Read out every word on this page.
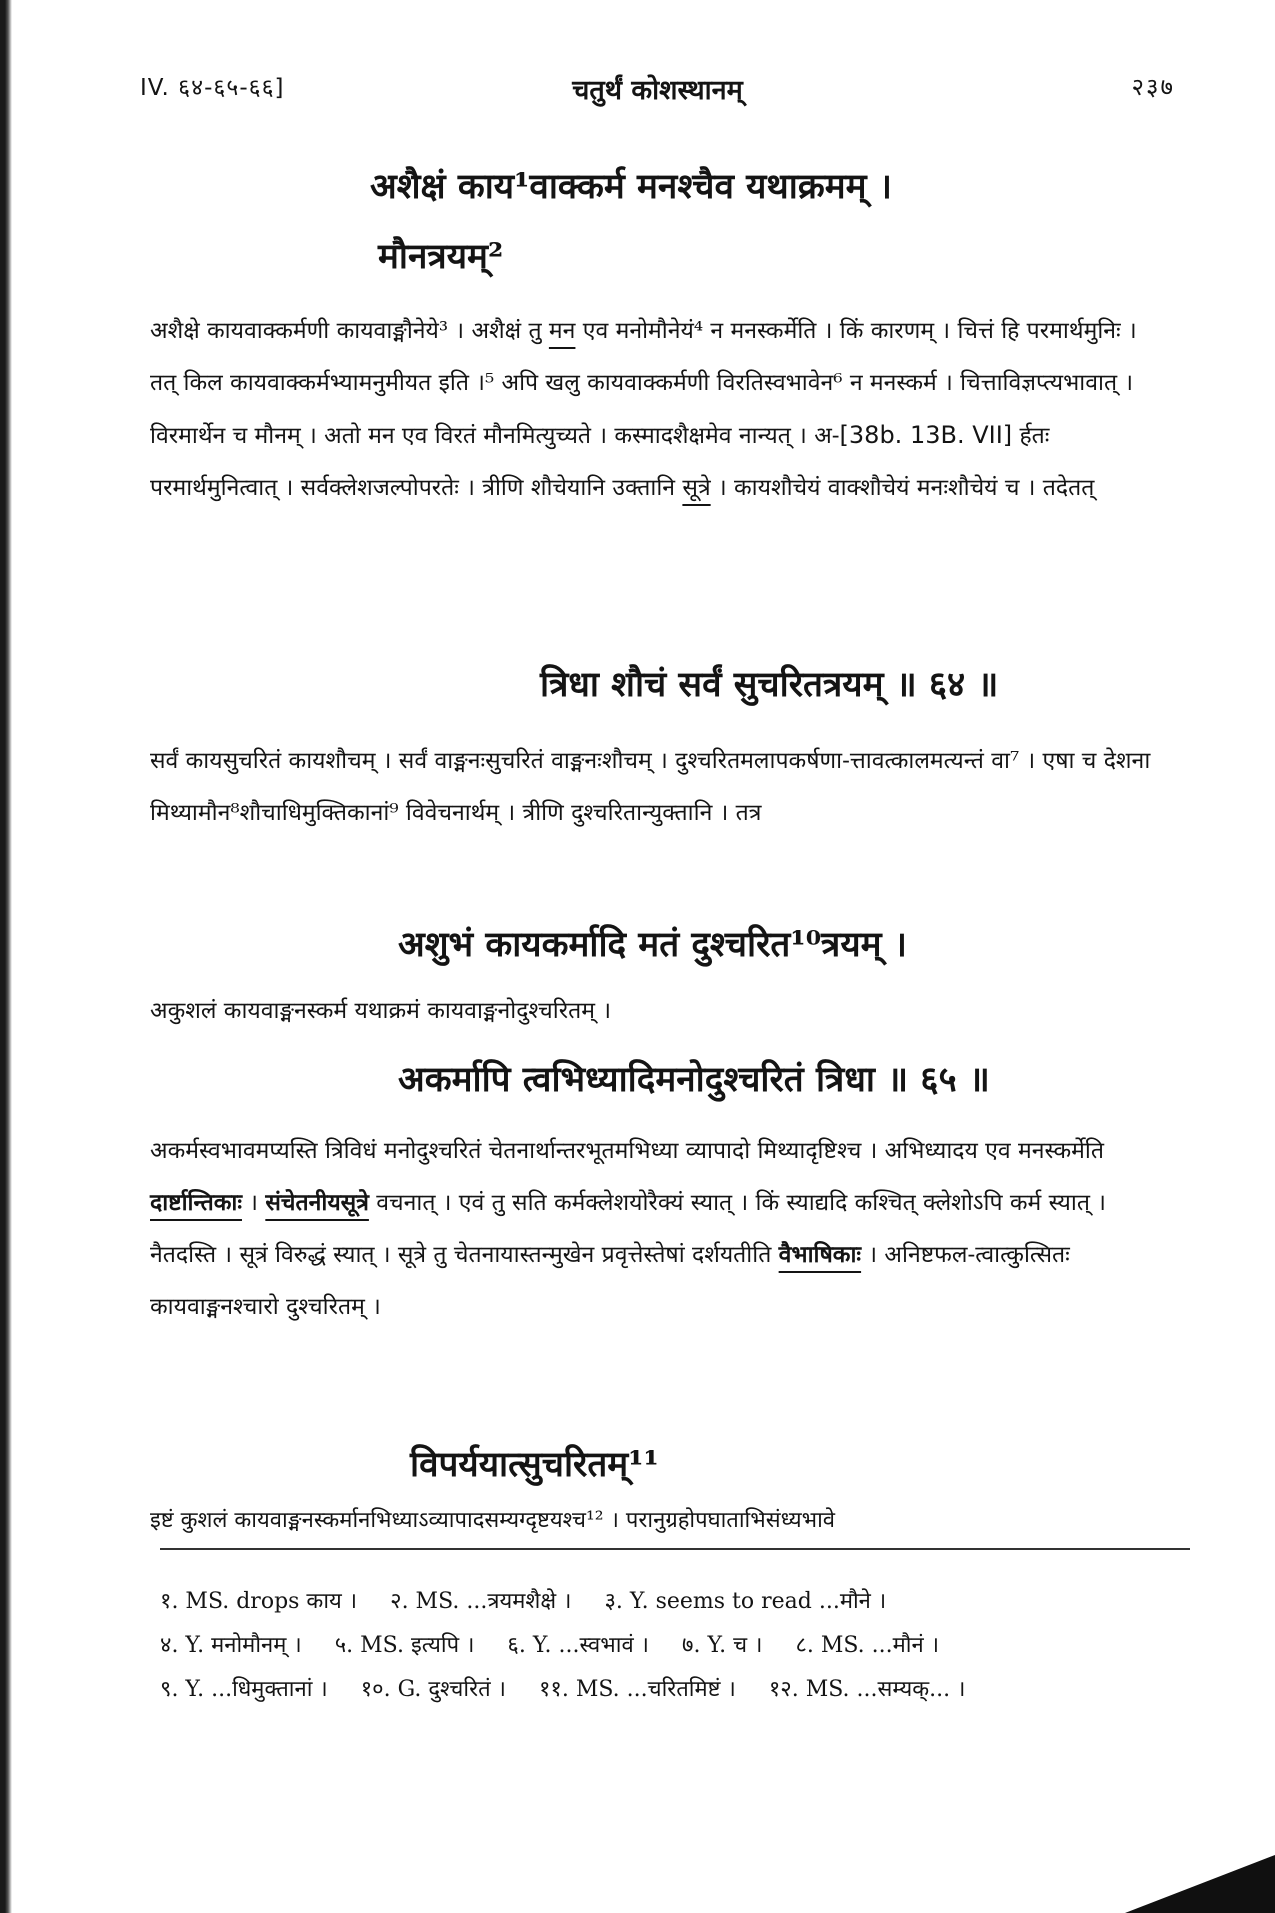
IV. ६४-६५-६६]	चतुर्थं कोशस्थानम्	२३७
अशैक्षं काय¹वाक्कर्म मनश्चैव यथाक्रमम् ।
मौनत्रयम्²
अशैक्षे कायवाक्कर्मणी कायवाङ्मौनेये³ । अशैक्षं तु मन एव मनोमौनेयं⁴ न मनस्कर्मेति । किं कारणम् । चित्तं हि परमार्थमुनिः । तत् किल कायवाक्कर्मभ्यामनुमीयत इति ।⁵ अपि खलु कायवाक्कर्मणी विरतिस्वभावेन⁶ न मनस्कर्म । चित्ताविज्ञप्त्यभावात् । विरमार्थेन च मौनम् । अतो मन एव विरतं मौनमित्युच्यते । कस्मादशैक्षमेव नान्यत् । अ-[38b. 13B. VII] र्हतः परमार्थमुनित्वात् । सर्वक्लेशजल्पोपरतेः । त्रीणि शौचेयानि उक्तानि सूत्रे । कायशौचेयं वाक्शौचेयं मनःशौचेयं च । तदेतत्
त्रिधा शौचं सर्वं सुचरितत्रयम् ॥ ६४ ॥
सर्वं कायसुचरितं कायशौचम् । सर्वं वाङ्मनःसुचरितं वाङ्मनःशौचम् । दुश्चरितमलापकर्षणा-त्तावत्कालमत्यन्तं वा⁷ । एषा च देशना मिथ्यामौन⁸शौचाधिमुक्तिकानां⁹ विवेचनार्थम् । त्रीणि दुश्चरितान्युक्तानि । तत्र
अशुभं कायकर्मादि मतं दुश्चरित¹⁰त्रयम् ।
अकुशलं कायवाङ्मनस्कर्म यथाक्रमं कायवाङ्मनोदुश्चरितम् ।
अकर्मापि त्वभिध्यादिमनोदुश्चरितं त्रिधा ॥ ६५ ॥
अकर्मस्वभावमप्यस्ति त्रिविधं मनोदुश्चरितं चेतनार्थान्तरभूतमभिध्या व्यापादो मिथ्यादृष्टिश्च । अभिध्यादय एव मनस्कर्मेति दार्ष्टान्तिकाः । संचेतनीयसूत्रे वचनात् । एवं तु सति कर्मक्लेशयोरैक्यं स्यात् । किं स्याद्यदि कश्चित् क्लेशोऽपि कर्म स्यात् । नैतदस्ति । सूत्रं विरुद्धं स्यात् । सूत्रे तु चेतनायास्तन्मुखेन प्रवृत्तेस्तेषां दर्शयतीति वैभाषिकाः । अनिष्टफल-त्वात्कुत्सितः कायवाङ्मनश्चारो दुश्चरितम् ।
विपर्ययात्सुचरितम्¹¹
इष्टं कुशलं कायवाङ्मनस्कर्मानभिध्याऽव्यापादसम्यग्दृष्टयश्च¹² । परानुग्रहोपघाताभिसंध्यभावे
१. MS. drops काय । २. MS. ...त्रयमशैक्षे । ३. Y. seems to read ...मौने ।
४. Y. मनोमौनम् । ५. MS. इत्यपि । ६. Y. ...स्वभावं । ७. Y. च । ८. MS. ...मौनं ।
९. Y. ...धिमुक्तानां । १०. G. दुश्चरितं । ११. MS. ...चरितमिष्टं । १२. MS. ...सम्यक्... ।
